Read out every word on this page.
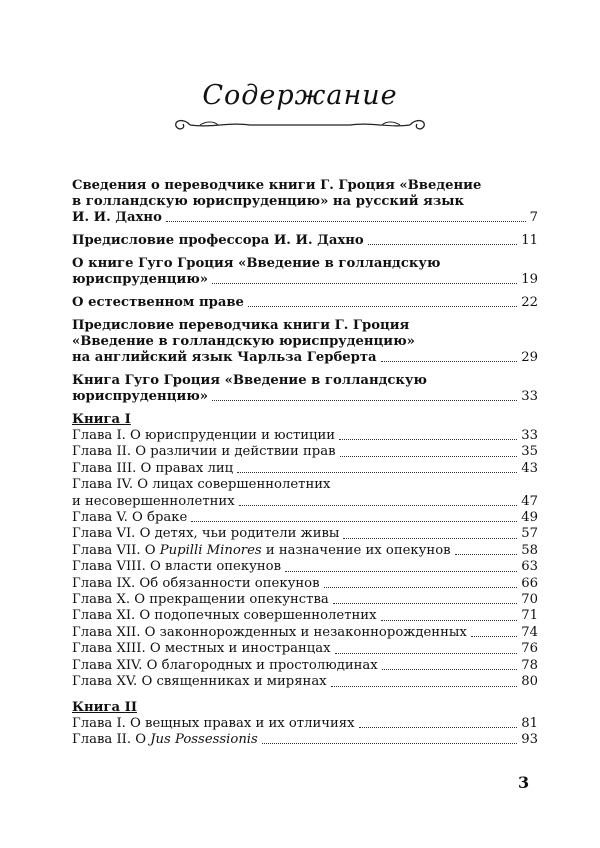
Содержание
Сведения о переводчике книги Г. Гроция «Введение
в голландскую юриспруденцию» на русский язык
И. И. Дахно	7
Предисловие профессора И. И. Дахно	11
О книге Гуго Гроция «Введение в голландскую
юриспруденцию»	19
О естественном праве	22
Предисловие переводчика книги Г. Гроция
«Введение в голландскую юриспруденцию»
на английский язык Чарльза Герберта	29
Книга Гуго Гроция «Введение в голландскую
юриспруденцию»	33
Книга I
Глава I. О юриспруденции и юстиции	33
Глава II. О различии и действии прав	35
Глава III. О правах лиц	43
Глава IV. О лицах совершеннолетних
и несовершеннолетних	47
Глава V. О браке	49
Глава VI. О детях, чьи родители живы	57
Глава VII. О Pupilli Minores и назначение их опекунов	58
Глава VIII. О власти опекунов	63
Глава IX. Об обязанности опекунов	66
Глава X. О прекращении опекунства	70
Глава XI. О подопечных совершеннолетних	71
Глава XII. О законнорожденных и незаконнорожденных	74
Глава XIII. О местных и иностранцах	76
Глава XIV. О благородных и простолюдинах	78
Глава XV. О священниках и мирянах	80
Книга II
Глава I. О вещных правах и их отличиях	81
Глава II. О Jus Possessionis	93
3
